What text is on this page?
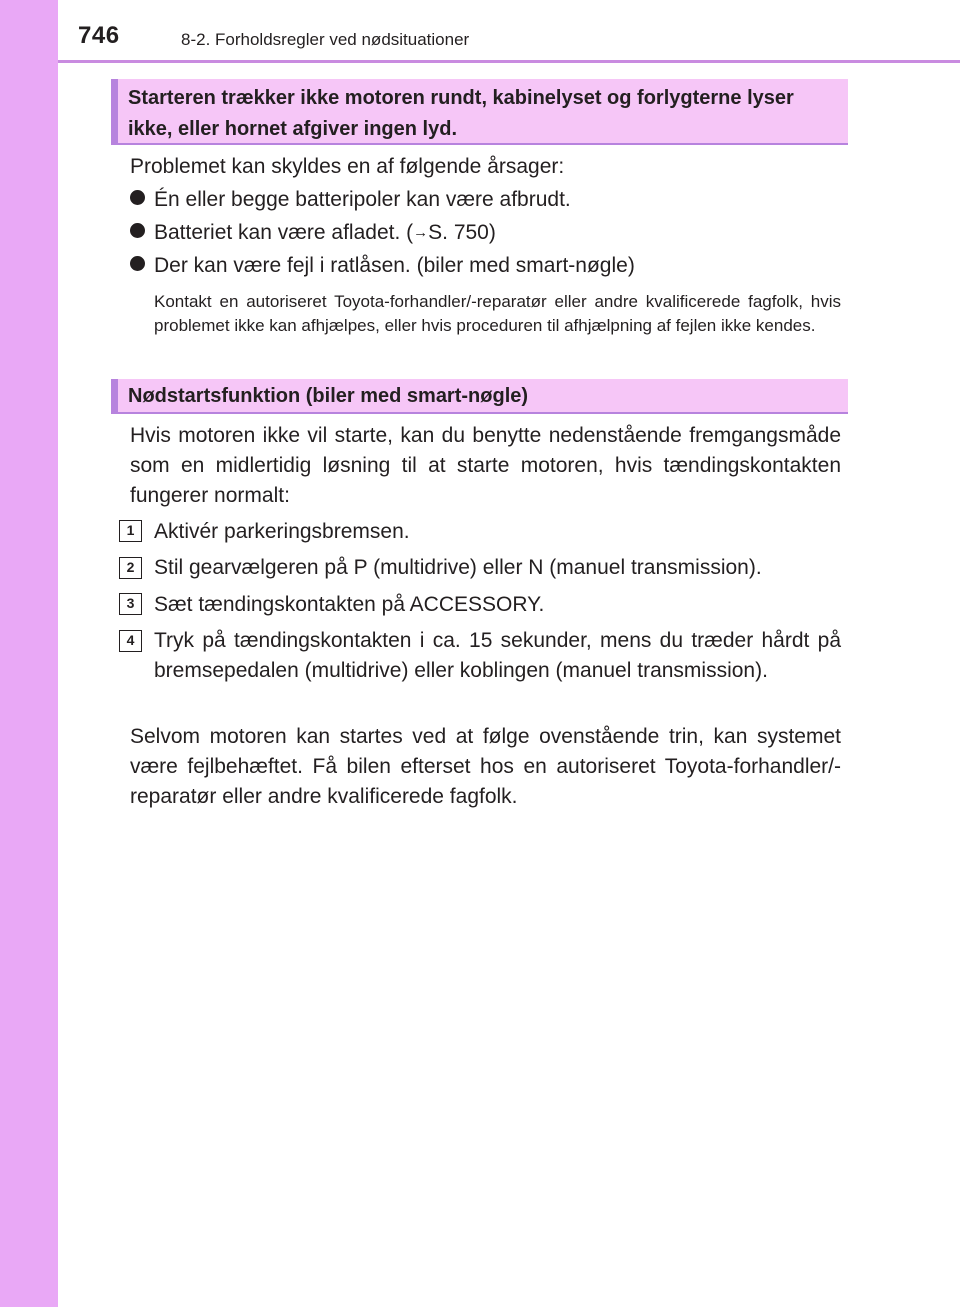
746	8-2. Forholdsregler ved nødsituationer
Starteren trækker ikke motoren rundt, kabinelyset og forlygterne lyser ikke, eller hornet afgiver ingen lyd.

Problemet kan skyldes en af følgende årsager:

Én eller begge batteripoler kan være afbrudt.
Batteriet kan være afladet. (→S. 750)
Der kan være fejl i ratlåsen. (biler med smart-nøgle)

Kontakt en autoriseret Toyota-forhandler/-reparatør eller andre kvalificerede fagfolk, hvis problemet ikke kan afhjælpes, eller hvis proceduren til afhjælpning af fejlen ikke kendes.

Nødstartsfunktion (biler med smart-nøgle)

Hvis motoren ikke vil starte, kan du benytte nedenstående fremgangsmåde som en midlertidig løsning til at starte motoren, hvis tændingskontakten fungerer normalt:

1 Aktivér parkeringsbremsen.

2 Stil gearvælgeren på P (multidrive) eller N (manuel transmission).

3 Sæt tændingskontakten på ACCESSORY.

4 Tryk på tændingskontakten i ca. 15 sekunder, mens du træder hårdt på bremsepedalen (multidrive) eller koblingen (manuel transmission).

Selvom motoren kan startes ved at følge ovenstående trin, kan systemet være fejlbehæftet. Få bilen efterset hos en autoriseret Toyota-forhandler/-reparatør eller andre kvalificerede fagfolk.
